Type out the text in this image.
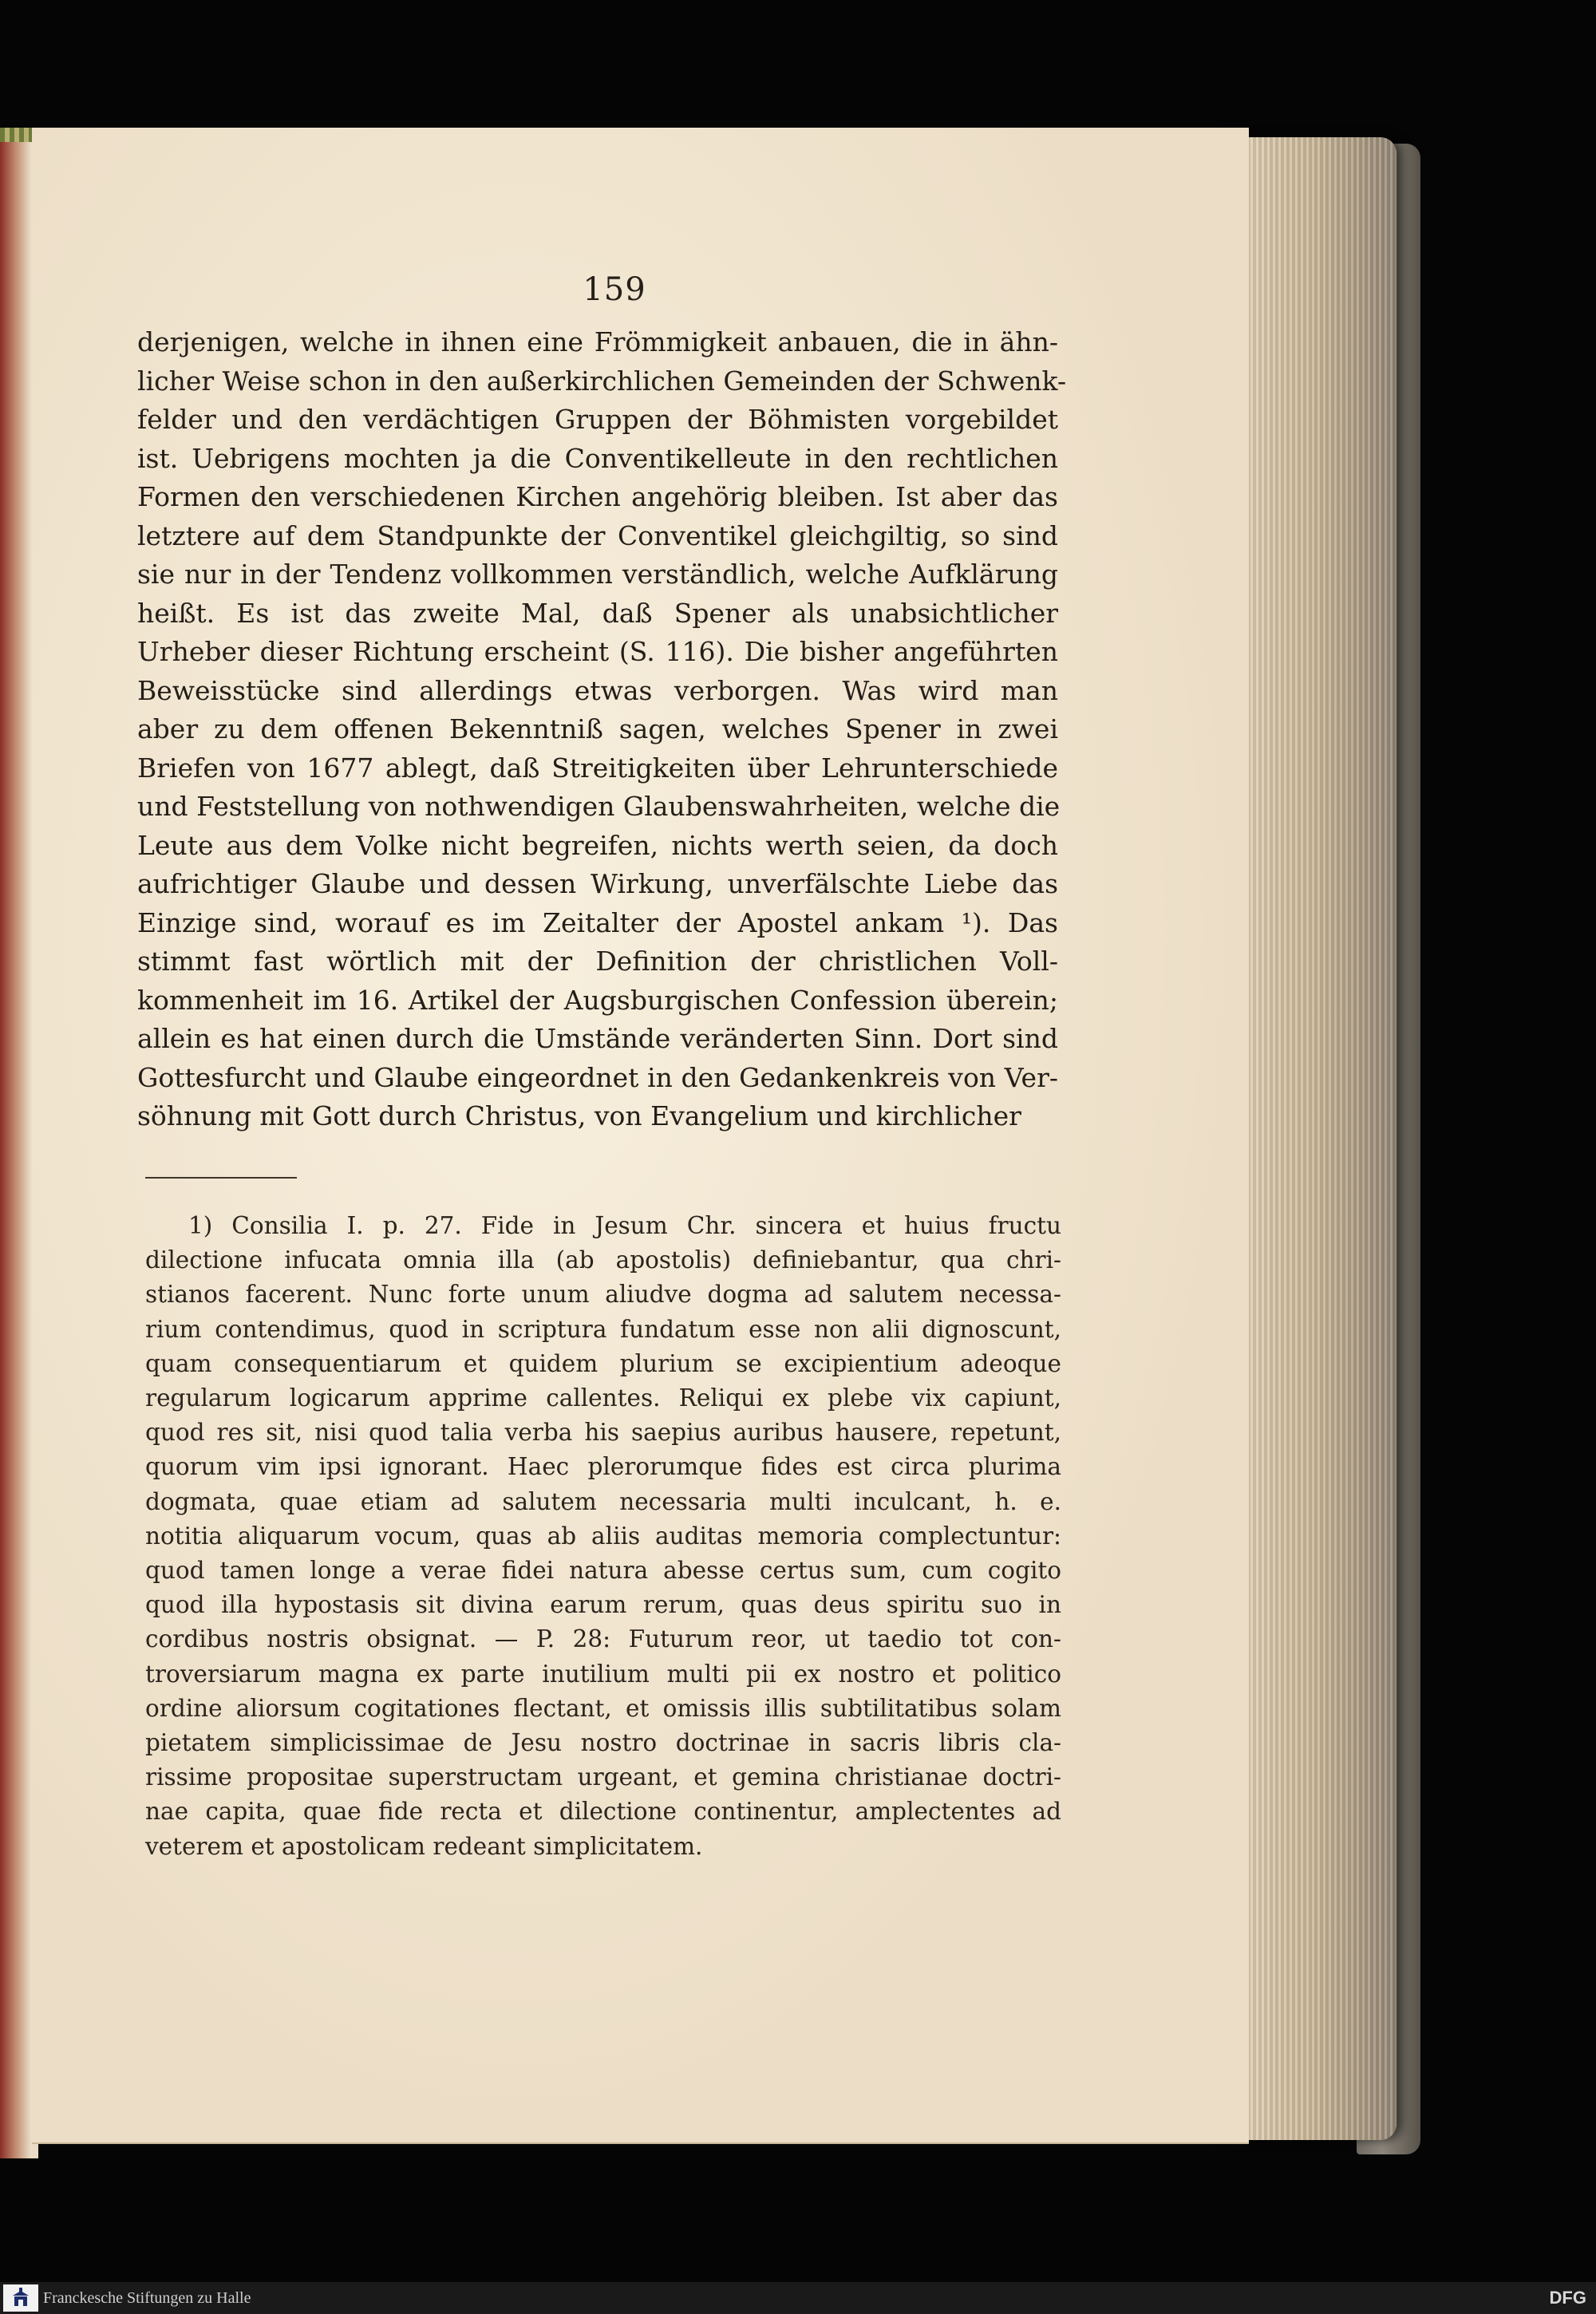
159
derjenigen, welche in ihnen eine Frömmigkeit anbauen, die in ähn-
licher Weise schon in den außerkirchlichen Gemeinden der Schwenk-
felder und den verdächtigen Gruppen der Böhmisten vorgebildet
ist. Uebrigens mochten ja die Conventikelleute in den rechtlichen
Formen den verschiedenen Kirchen angehörig bleiben. Ist aber das
letztere auf dem Standpunkte der Conventikel gleichgiltig, so sind
sie nur in der Tendenz vollkommen verständlich, welche Aufklärung
heißt. Es ist das zweite Mal, daß Spener als unabsichtlicher
Urheber dieser Richtung erscheint (S. 116). Die bisher angeführten
Beweisstücke sind allerdings etwas verborgen. Was wird man
aber zu dem offenen Bekenntniß sagen, welches Spener in zwei
Briefen von 1677 ablegt, daß Streitigkeiten über Lehrunterschiede
und Feststellung von nothwendigen Glaubenswahrheiten, welche die
Leute aus dem Volke nicht begreifen, nichts werth seien, da doch
aufrichtiger Glaube und dessen Wirkung, unverfälschte Liebe das
Einzige sind, worauf es im Zeitalter der Apostel ankam ¹). Das
stimmt fast wörtlich mit der Definition der christlichen Voll-
kommenheit im 16. Artikel der Augsburgischen Confession überein;
allein es hat einen durch die Umstände veränderten Sinn. Dort sind
Gottesfurcht und Glaube eingeordnet in den Gedankenkreis von Ver-
söhnung mit Gott durch Christus, von Evangelium und kirchlicher
1) Consilia I. p. 27. Fide in Jesum Chr. sincera et huius fructu
dilectione infucata omnia illa (ab apostolis) definiebantur, qua chri-
stianos facerent. Nunc forte unum aliudve dogma ad salutem necessa-
rium contendimus, quod in scriptura fundatum esse non alii dignoscunt,
quam consequentiarum et quidem plurium se excipientium adeoque
regularum logicarum apprime callentes. Reliqui ex plebe vix capiunt,
quod res sit, nisi quod talia verba his saepius auribus hausere, repetunt,
quorum vim ipsi ignorant. Haec plerorumque fides est circa plurima
dogmata, quae etiam ad salutem necessaria multi inculcant, h. e.
notitia aliquarum vocum, quas ab aliis auditas memoria complectuntur:
quod tamen longe a verae fidei natura abesse certus sum, cum cogito
quod illa hypostasis sit divina earum rerum, quas deus spiritu suo in
cordibus nostris obsignat. — P. 28: Futurum reor, ut taedio tot con-
troversiarum magna ex parte inutilium multi pii ex nostro et politico
ordine aliorsum cogitationes flectant, et omissis illis subtilitatibus solam
pietatem simplicissimae de Jesu nostro doctrinae in sacris libris cla-
rissime propositae superstructam urgeant, et gemina christianae doctri-
nae capita, quae fide recta et dilectione continentur, amplectentes ad
veterem et apostolicam redeant simplicitatem.
Franckesche Stiftungen zu Halle	DFG
